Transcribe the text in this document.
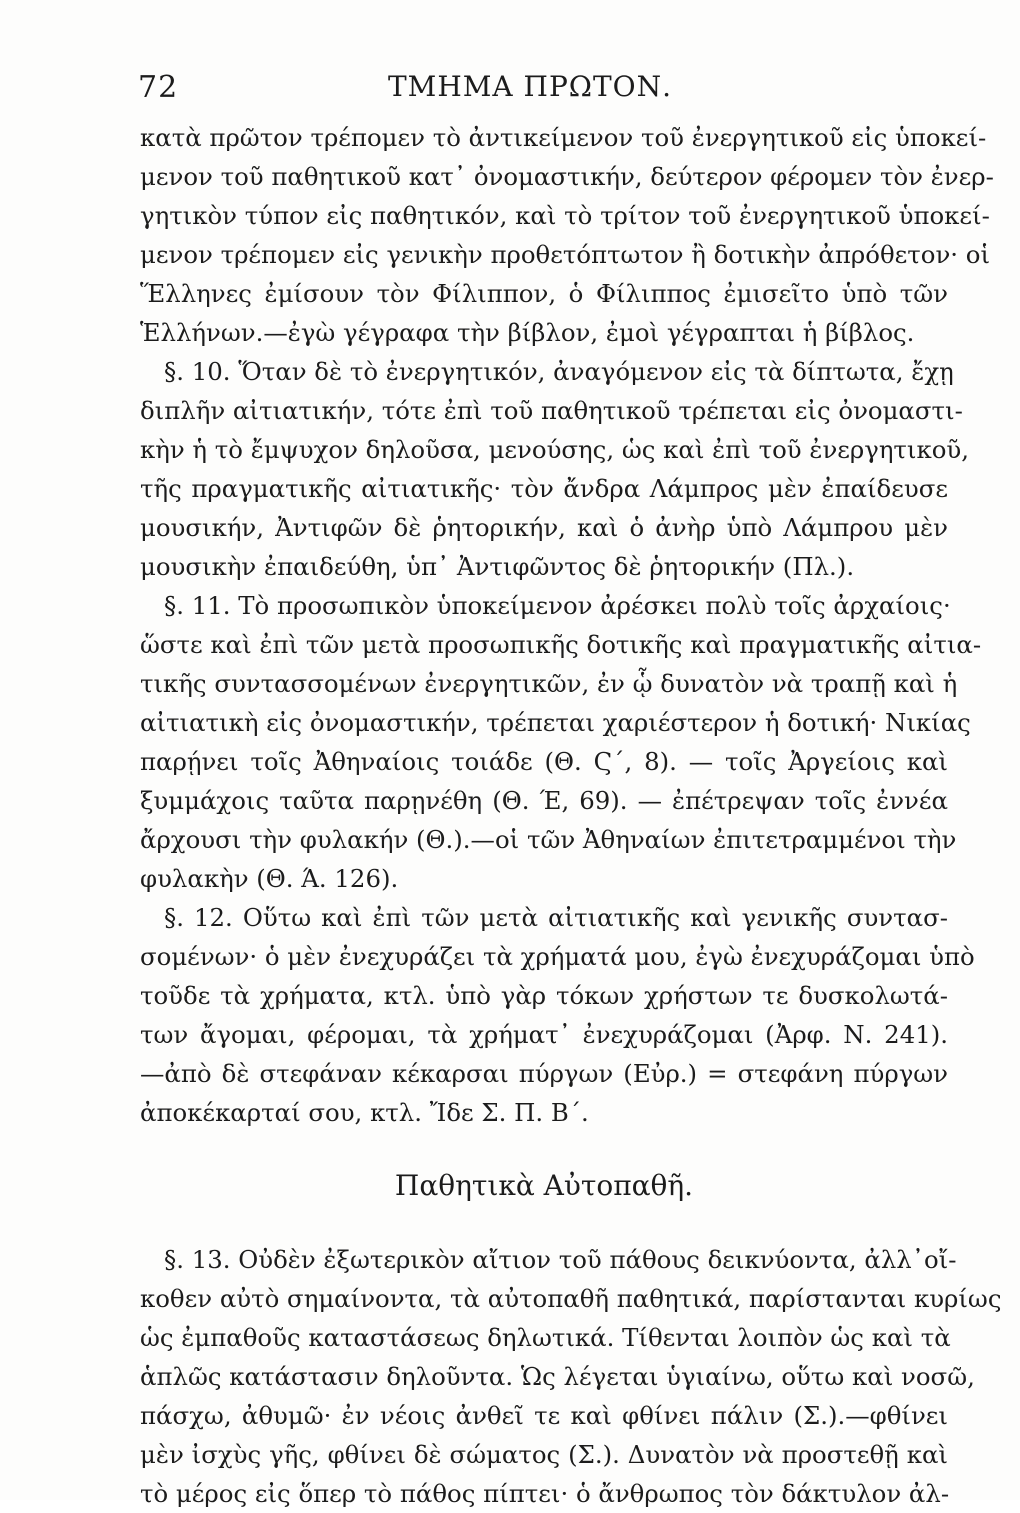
72	ΤΜΗΜΑ ΠΡΩΤΟΝ.
κατὰ πρῶτον τρέπομεν τὸ ἀντικείμενον τοῦ ἐνεργητικοῦ εἰς ὑποκεί-
μενον τοῦ παθητικοῦ κατ᾽ ὀνομαστικήν, δεύτερον φέρομεν τὸν ἐνερ-
γητικὸν τύπον εἰς παθητικόν, καὶ τὸ τρίτον τοῦ ἐνεργητικοῦ ὑποκεί-
μενον τρέπομεν εἰς γενικὴν προθετόπτωτον ἢ δοτικὴν ἀπρόθετον· οἱ
Ἕλληνες ἐμίσουν τὸν Φίλιππον, ὁ Φίλιππος ἐμισεῖτο ὑπὸ τῶν
Ἑλλήνων.—ἐγὼ γέγραφα τὴν βίβλον, ἐμοὶ γέγραπται ἡ βίβλος.
§. 10. Ὅταν δὲ τὸ ἐνεργητικόν, ἀναγόμενον εἰς τὰ δίπτωτα, ἔχῃ
διπλῆν αἰτιατικήν, τότε ἐπὶ τοῦ παθητικοῦ τρέπεται εἰς ὀνομαστι-
κὴν ἡ τὸ ἔμψυχον δηλοῦσα, μενούσης, ὡς καὶ ἐπὶ τοῦ ἐνεργητικοῦ,
τῆς πραγματικῆς αἰτιατικῆς· τὸν ἄνδρα Λάμπρος μὲν ἐπαίδευσε
μουσικήν, Ἀντιφῶν δὲ ῥητορικήν, καὶ ὁ ἀνὴρ ὑπὸ Λάμπρου μὲν
μουσικὴν ἐπαιδεύθη, ὑπ᾽ Ἀντιφῶντος δὲ ῥητορικήν (Πλ.).
§. 11. Τὸ προσωπικὸν ὑποκείμενον ἀρέσκει πολὺ τοῖς ἀρχαίοις·
ὥστε καὶ ἐπὶ τῶν μετὰ προσωπικῆς δοτικῆς καὶ πραγματικῆς αἰτια-
τικῆς συντασσομένων ἐνεργητικῶν, ἐν ᾧ δυνατὸν νὰ τραπῇ καὶ ἡ
αἰτιατικὴ εἰς ὀνομαστικήν, τρέπεται χαριέστερον ἡ δοτική· Νικίας
παρῄνει τοῖς Ἀθηναίοις τοιάδε (Θ. Ϛ΄, 8). — τοῖς Ἀργείοις καὶ
ξυμμάχοις ταῦτα παρῃνέθη (Θ. Έ, 69). — ἐπέτρεψαν τοῖς ἐννέα
ἄρχουσι τὴν φυλακήν (Θ.).—οἱ τῶν Ἀθηναίων ἐπιτετραμμένοι τὴν
φυλακὴν (Θ. Ά. 126).
§. 12. Οὕτω καὶ ἐπὶ τῶν μετὰ αἰτιατικῆς καὶ γενικῆς συντασ-
σομένων· ὁ μὲν ἐνεχυράζει τὰ χρήματά μου, ἐγὼ ἐνεχυράζομαι ὑπὸ
τοῦδε τὰ χρήματα, κτλ. ὑπὸ γὰρ τόκων χρήστων τε δυσκολωτά-
των ἄγομαι, φέρομαι, τὰ χρήματ᾽ ἐνεχυράζομαι (Ἀρφ. Ν. 241).
—ἀπὸ δὲ στεφάναν κέκαρσαι πύργων (Εὐρ.) = στεφάνη πύργων
ἀποκέκαρταί σου, κτλ. Ἴδε Σ. Π. Β΄.
Παθητικὰ Αὐτοπαθῆ.
§. 13. Οὐδὲν ἐξωτερικὸν αἴτιον τοῦ πάθους δεικνύοντα, ἀλλ᾽οἴ-
κοθεν αὐτὸ σημαίνοντα, τὰ αὐτοπαθῆ παθητικά, παρίστανται κυρίως
ὡς ἐμπαθοῦς καταστάσεως δηλωτικά. Τίθενται λοιπὸν ὡς καὶ τὰ
ἁπλῶς κατάστασιν δηλοῦντα. Ὡς λέγεται ὑγιαίνω, οὕτω καὶ νοσῶ,
πάσχω, ἀθυμῶ· ἐν νέοις ἀνθεῖ τε καὶ φθίνει πάλιν (Σ.).—φθίνει
μὲν ἰσχὺς γῆς, φθίνει δὲ σώματος (Σ.). Δυνατὸν νὰ προστεθῇ καὶ
τὸ μέρος εἰς ὅπερ τὸ πάθος πίπτει· ὁ ἄνθρωπος τὸν δάκτυλον ἀλ-
